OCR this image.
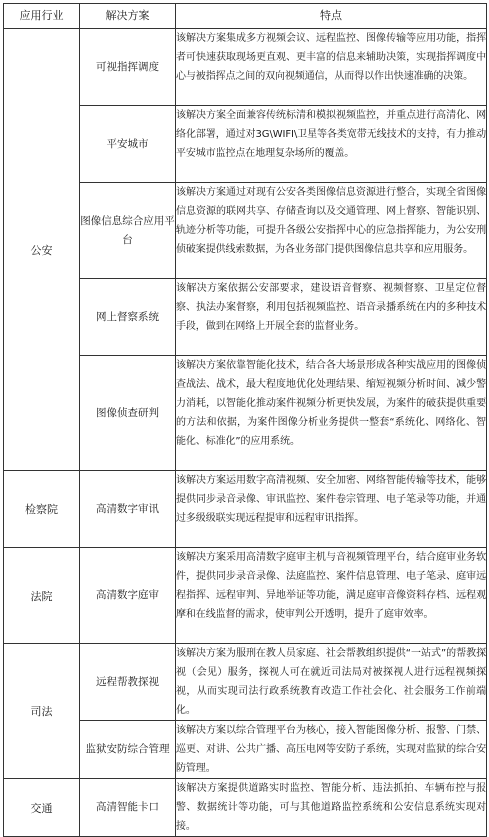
应用行业	解决方案	特点
公安	可视指挥调度	该解决方案集成多方视频会议、远程监控、图像传输等应用功能，指挥者可快速获取现场更直观、更丰富的信息来辅助决策，实现指挥调度中心与被指挥点之间的双向视频通信，从而得以作出快速准确的决策。
	平安城市	该解决方案全面兼容传统标清和模拟视频监控，并重点进行高清化、网络化部署，通过对3G\WIFI\卫星等各类宽带无线技术的支持，有力推动平安城市监控点在地理复杂场所的覆盖。
	图像信息综合应用平台	该解决方案通过对现有公安各类图像信息资源进行整合，实现全省图像信息资源的联网共享、存储查询以及交通管理、网上督察、智能识别、轨迹分析等功能，可提升各级公安指挥中心的应急指挥能力，为公安刑侦破案提供线索数据，为各业务部门提供图像信息共享和应用服务。
	网上督察系统	该解决方案依据公安部要求，建设语音督察、视频督察、卫星定位督察、执法办案督察，利用包括视频监控、语音录播系统在内的多种技术手段，做到在网络上开展全套的监督业务。
	图像侦查研判	该解决方案依靠智能化技术，结合各大场景形成各种实战应用的图像侦查战法、战术，最大程度地优化处理结果、缩短视频分析时间、减少警力消耗，以智能化推动案件视频分析更快发展，为案件的破获提供重要的方法和依据，为案件图像分析业务提供一整套“系统化、网络化、智能化、标准化”的应用系统。
检察院	高清数字审讯	该解决方案运用数字高清视频、安全加密、网络智能传输等技术，能够提供同步录音录像、审讯监控、案件卷宗管理、电子笔录等功能，并通过多级级联实现远程提审和远程审讯指挥。
法院	高清数字庭审	该解决方案采用高清数字庭审主机与音视频管理平台，结合庭审业务软件，提供同步录音录像、法庭监控、案件信息管理、电子笔录、庭审远程指挥、远程审判、异地举证等功能，满足庭审音像资料存档、远程观摩和在线监督的需求，使审判公开透明，提升了庭审效率。
司法	远程帮教探视	该解决方案为服刑在教人员家庭、社会帮教组织提供“一站式”的帮教探视（会见）服务，探视人可在就近司法局对被探视人进行远程视频探视，从而实现司法行政系统教育改造工作社会化、社会服务工作前端化。
	监狱安防综合管理	该解决方案以综合管理平台为核心，接入智能图像分析、报警、门禁、巡更、对讲、公共广播、高压电网等安防子系统，实现对监狱的综合安防管理。
交通	高清智能卡口	该解决方案提供道路实时监控、智能分析、违法抓拍、车辆布控与报警、数据统计等功能，可与其他道路监控系统和公安信息系统实现对接。
